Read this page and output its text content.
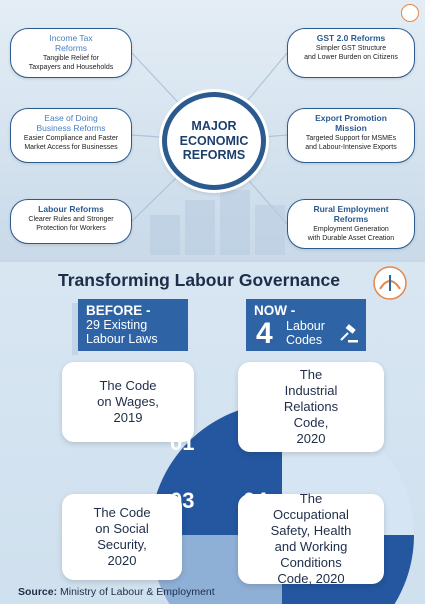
Income Tax
Reforms
Tangible Relief for
Taxpayers and Households
Ease of Doing
Business Reforms
Easier Compliance and Faster
Market Access for Businesses
Labour Reforms
Clearer Rules and Stronger
Protection for Workers
GST 2.0 Reforms
Simpler GST Structure
and Lower Burden on Citizens
Export Promotion
Mission
Targeted Support for MSMEs
and Labour-Intensive Exports
Rural Employment
Reforms
Employment Generation
with Durable Asset Creation
MAJOR
ECONOMIC
REFORMS
Transforming Labour Governance
BEFORE -
29 Existing
Labour Laws
NOW -
4 Labour
Codes
The Code
on Wages,
2019
The
Industrial
Relations
Code,
2020
The Code
on Social
Security,
2020
The
Occupational
Safety, Health
and Working
Conditions
Code, 2020
01 02
03 04
Source: Ministry of Labour & Employment
